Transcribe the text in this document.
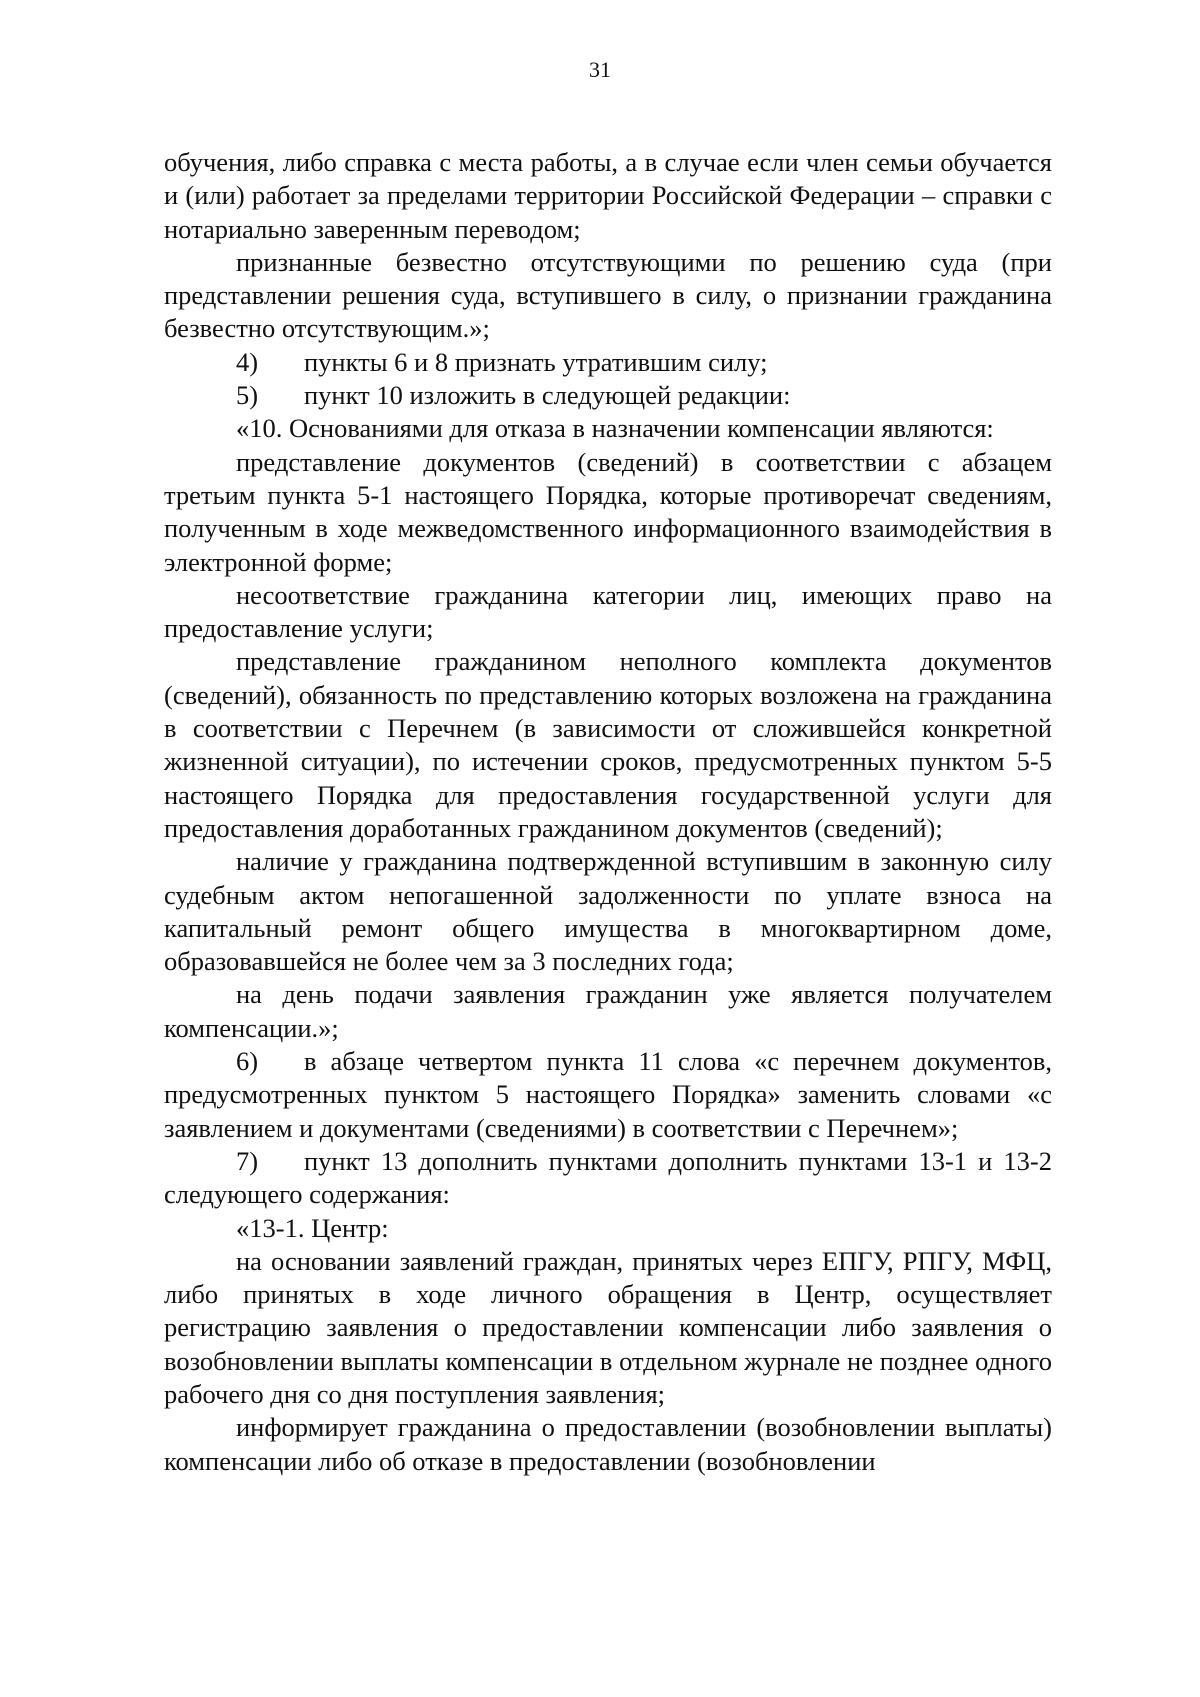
31

обучения, либо справка с места работы, а в случае если член семьи обучается и (или) работает за пределами территории Российской Федерации – справки с нотариально заверенным переводом;

признанные безвестно отсутствующими по решению суда (при представлении решения суда, вступившего в силу, о признании гражданина безвестно отсутствующим.»;

4) пункты 6 и 8 признать утратившим силу;

5) пункт 10 изложить в следующей редакции:

«10. Основаниями для отказа в назначении компенсации являются:

представление документов (сведений) в соответствии с абзацем третьим пункта 5-1 настоящего Порядка, которые противоречат сведениям, полученным в ходе межведомственного информационного взаимодействия в электронной форме;

несоответствие гражданина категории лиц, имеющих право на предоставление услуги;

представление гражданином неполного комплекта документов (сведений), обязанность по представлению которых возложена на гражданина в соответствии с Перечнем (в зависимости от сложившейся конкретной жизненной ситуации), по истечении сроков, предусмотренных пунктом 5-5 настоящего Порядка для предоставления государственной услуги для предоставления доработанных гражданином документов (сведений);

наличие у гражданина подтвержденной вступившим в законную силу судебным актом непогашенной задолженности по уплате взноса на капитальный ремонт общего имущества в многоквартирном доме, образовавшейся не более чем за 3 последних года;

на день подачи заявления гражданин уже является получателем компенсации.»;

6) в абзаце четвертом пункта 11 слова «с перечнем документов, предусмотренных пунктом 5 настоящего Порядка» заменить словами «с заявлением и документами (сведениями) в соответствии с Перечнем»;

7) пункт 13 дополнить пунктами дополнить пунктами 13-1 и 13-2 следующего содержания:

«13-1. Центр:

на основании заявлений граждан, принятых через ЕПГУ, РПГУ, МФЦ, либо принятых в ходе личного обращения в Центр, осуществляет регистрацию заявления о предоставлении компенсации либо заявления о возобновлении выплаты компенсации в отдельном журнале не позднее одного рабочего дня со дня поступления заявления;

информирует гражданина о предоставлении (возобновлении выплаты) компенсации либо об отказе в предоставлении (возобновлении
